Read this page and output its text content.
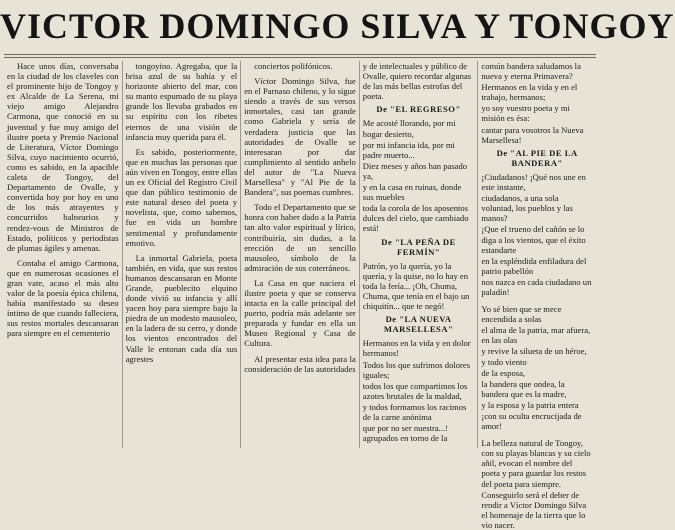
VICTOR DOMINGO SILVA Y TONGOY

Hace unos días, conversaba en la ciudad de los claveles con el prominente hijo de Tongoy y ex Alcalde de La Serena, mi viejo amigo Alejandro Carmona, que conoció en su juventud y fue muy amigo del ilustre poeta y Premio Nacional de Literatura, Víctor Domingo Silva, cuyo nacimiento ocurrió, como es sabido, en la apacible caleta de Tongoy, del Departamento de Ovalle, y convertida hoy por hoy en uno de los más atrayentes y concurridos balnearios y rendez-vous de Ministros de Estado, políticos y periodistas de plumas ágiles y amenas.

Contaba el amigo Carmona, que en numerosas ocasiones el gran vate, acaso el más alto valor de la poesía épica chilena, había manifestado su deseo íntimo de que cuando falleciera, sus restos mortales descansaran para siempre en el cementerio

tongoyino. Agregaba, que la brisa azul de su bahía y el horizonte abierto del mar, con su manto espumado de su playa grande los llevaba grabados en su espíritu con los ribetes eternos de una visión de infancia muy querida para él.

Es sabido, posteriormente, que en muchas las personas que aún viven en Tongoy, entre ellas un ex Oficial del Registro Civil que dan público testimonio de este natural deseo del poeta y novelista, que, como sabemos, fue en vida un hombre sentimental y profundamente emotivo.

La inmortal Gabriela, poeta también, en vida, que sus restos humanos descansaran en Monte Grande, pueblecito elquino donde vivió su infancia y allí yacen hoy para siempre bajo la piedra de un modesto mausoleo, en la ladera de su cerro, y donde los vientos encontrados del Valle le entonan cada día sus agrestes

conciertos polifónicos.

Víctor Domingo Silva, fue en el Parnaso chileno, y lo sigue siendo a través de sus versos inmortales, casi tan grande como Gabriela y sería de verdadera justicia que las autoridades de Ovalle se interesaran por dar cumplimiento al sentido anhelo del autor de "La Nueva Marsellesa" y "Al Pie de la Bandera", sus poemas cumbres.

Todo el Departamento que se honra con haber dado a la Patria tan alto valor espiritual y lírico, contribuiría, sin dudas, a la erección de un sencillo mausoleo, símbolo de la admiración de sus coterráneos.

La Casa en que naciera el ilustre poeta y que se conserva intacta en la calle principal del puerto, podría más adelante ser preparada y fundar en ella un Museo Regional y Casa de Cultura.

Al presentar esta idea para la consideración de las autoridades

y de intelectuales y público de Ovalle, quiero recordar algunas de las más bellas estrofas del poeta.

De "EL REGRESO"

Me acosté llorando, por mi hogar desierto,

por mi infancia ida, por mi padre muerto...

Diez meses y años han pasado ya,

y en la casa en ruinas, donde sus muebles

toda la corola de los aposentos dulces del cielo, que cambiado está!

De "LA PEÑA DE FERMÍN"

Patrón, yo la quería, yo la quería, y la quise, no lo hay en toda la fería... ¡Oh, Chuma, Chuma, que tenía en el bajo un chiquitín... que te negó!

De "LA NUEVA MARSELLESA"

Hermanos en la vida y en dolor hermanos!

Todos los que sufrimos dolores iguales;

todos los que compartimos los azotes brutales de la maldad,

y todos formamos los racimos de la carne anónima

que por no ser nuestra...! agrupados en torno de la

común bandera saludamos la nueva y eterna Primavera?

Hermanos en la vida y en el trabajo, hermanos;

yo soy vuestro poeta y mi misión es ésa:

cantar para vosotros la Nueva Marsellesa!

De "AL PIE DE LA BANDERA"

¡Ciudadanos! ¡Qué nos une en este instante,

ciudadanos, a una sola voluntad, los pueblos y las manos?

¡Que el trueno del cañón se lo diga a los vientos, que el éxito estandarte

en la espléndida enfiladura del patrio pabellón

nos nazca en cada ciudadano un paladín!

Yo sé bien que se mece encendida a solas

el alma de la patria, mar afuera, en las olas

y revive la silueta de un héroe, y todo viento

de la esposa,

la bandera que ondea, la bandera que es la madre,

y la esposa y la patria entera

¡con su oculta encrucijada de amor!

La belleza natural de Tongoy, con su playas blancas y su cielo añil, evocan el nombre del poeta y para guardar los restos del poeta para siempre.

Conseguirlo será el deber de rendir a Víctor Domingo Silva el homenaje de la tierra que lo vio nacer.
